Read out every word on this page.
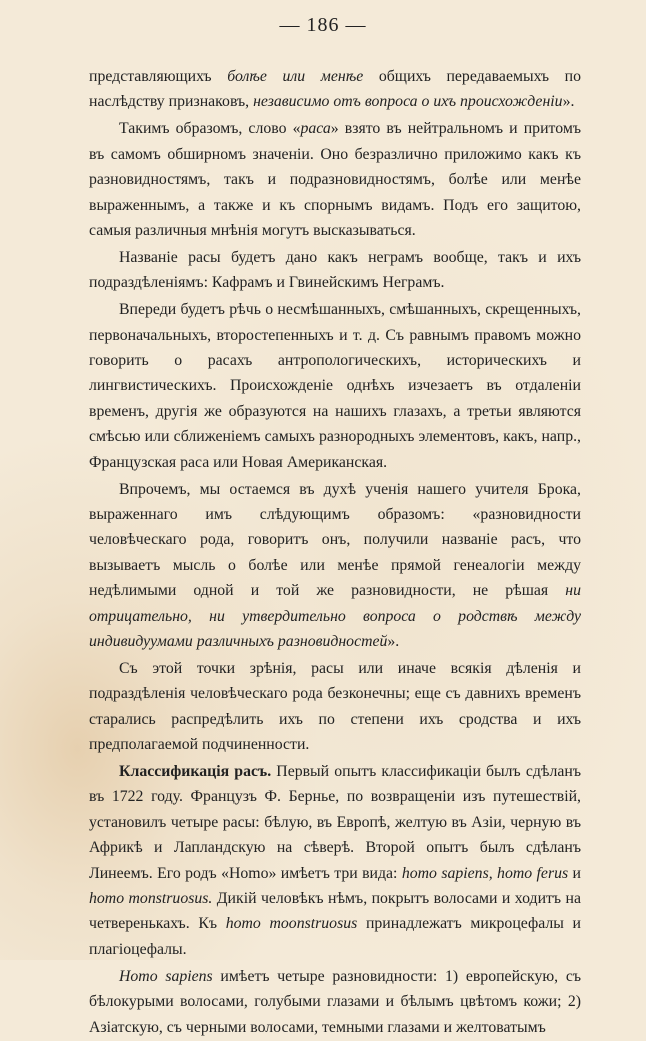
— 186 —

представляющихъ болѣе или менѣе общихъ передаваемыхъ по наслѣдству признаковъ, независимо отъ вопроса о ихъ происхожденіи».

Такимъ образомъ, слово «раса» взято въ нейтральномъ и притомъ въ самомъ обширномъ значеніи. Оно безразлично приложимо какъ къ разновидностямъ, такъ и подразновидностямъ, болѣе или менѣе выраженнымъ, а также и къ спорнымъ видамъ. Подъ его защитою, самыя различныя мнѣнія могутъ высказываться.

Названіе расы будетъ дано какъ неграмъ вообще, такъ и ихъ подраздѣленіямъ: Кафрамъ и Гвинейскимъ Неграмъ.

Впереди будетъ рѣчь о несмѣшанныхъ, смѣшанныхъ, скрещенныхъ, первоначальныхъ, второстепенныхъ и т. д. Съ равнымъ правомъ можно говорить о расахъ антропологическихъ, историческихъ и лингвистическихъ. Происхожденіе однѣхъ изчезаетъ въ отдаленіи временъ, другія же образуются на нашихъ глазахъ, а третьи являются смѣсью или сближеніемъ самыхъ разнородныхъ элементовъ, какъ, напр., Французская раса или Новая Американская.

Впрочемъ, мы остаемся въ духѣ ученія нашего учителя Брока, выраженнаго имъ слѣдующимъ образомъ: «разновидности человѣческаго рода, говоритъ онъ, получили названіе расъ, что вызываетъ мысль о болѣе или менѣе прямой генеалогіи между недѣлимыми одной и той же разновидности, не рѣшая ни отрицательно, ни утвердительно вопроса о родствѣ между индивидуумами различныхъ разновидностей».

Съ этой точки зрѣнія, расы или иначе всякія дѣленія и подраздѣленія человѣческаго рода безконечны; еще съ давнихъ временъ старались распредѣлить ихъ по степени ихъ сродства и ихъ предполагаемой подчиненности.

Классификація расъ. Первый опытъ классификаціи былъ сдѣланъ въ 1722 году. Французъ Ф. Бернье, по возвращеніи изъ путешествій, установилъ четыре расы: бѣлую, въ Европѣ, желтую въ Азіи, черную въ Африкѣ и Лапландскую на сѣверѣ. Второй опытъ былъ сдѣланъ Линеемъ. Его родъ «Homo» имѣетъ три вида: homo sapiens, homo ferus и homo monstruosus. Дикій человѣкъ нѣмъ, покрытъ волосами и ходитъ на четверенькахъ. Къ homo moonstruosus принадлежатъ микроцефалы и плагіоцефалы.

Homo sapiens имѣетъ четыре разновидности: 1) европейскую, съ бѣлокурыми волосами, голубыми глазами и бѣлымъ цвѣтомъ кожи; 2) Азіатскую, съ черными волосами, темными глазами и желтоватымъ
